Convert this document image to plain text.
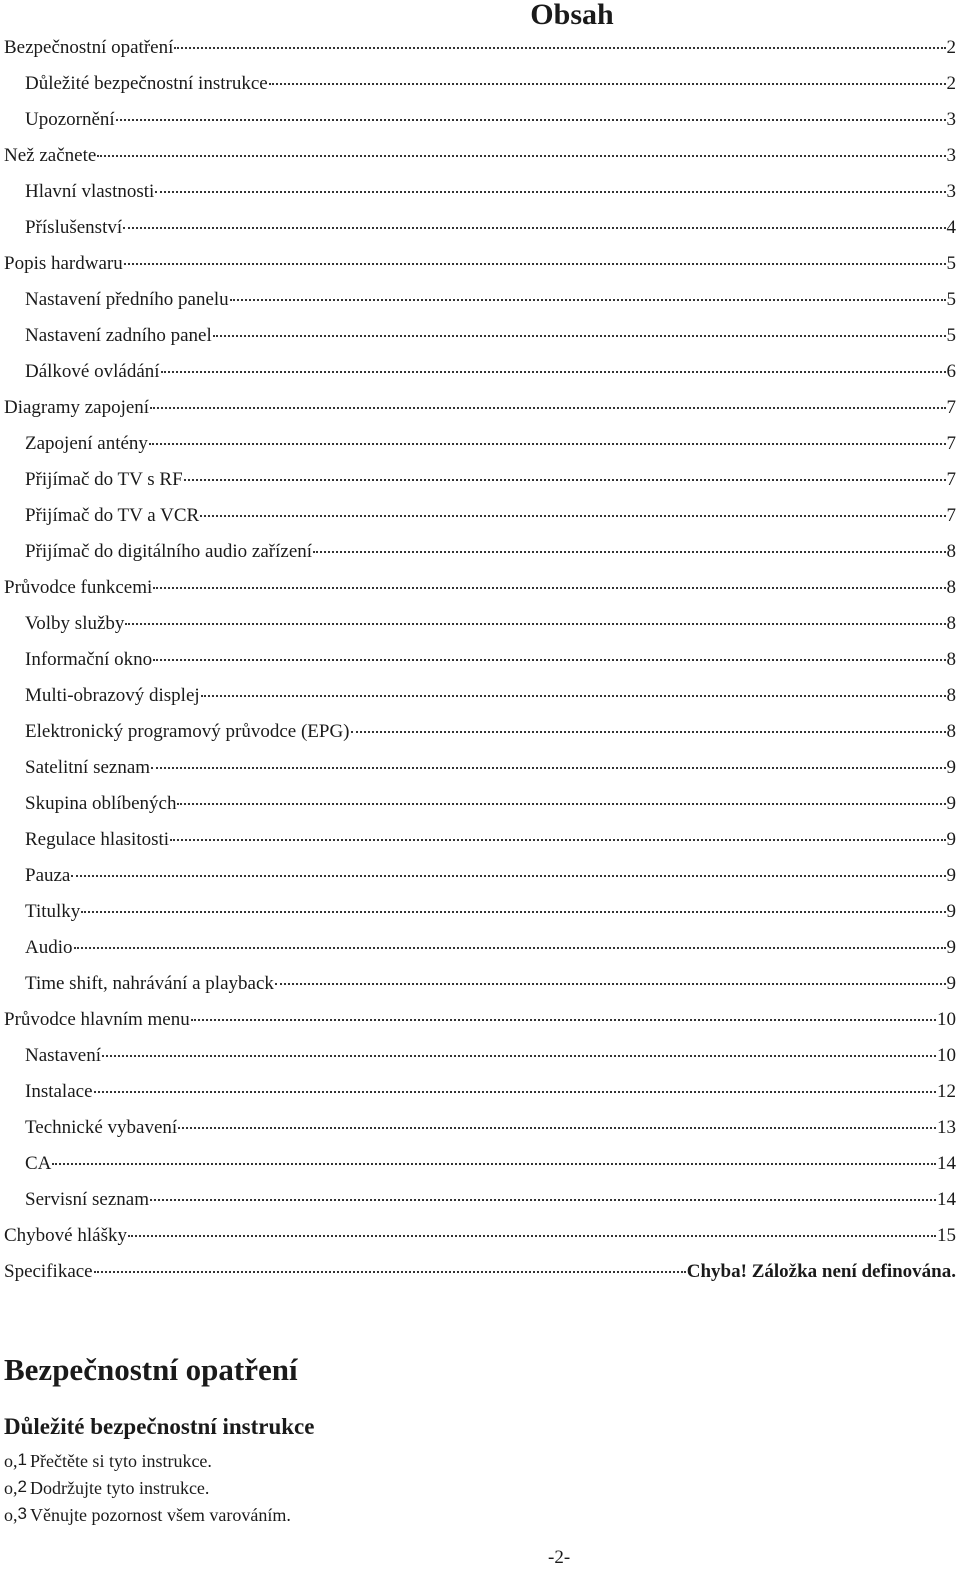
Obsah
Bezpečnostní opatření	2
Důležité bezpečnostní instrukce	2
Upozornění	3
Než začnete	3
Hlavní vlastnosti	3
Příslušenství	4
Popis hardwaru	5
Nastavení předního panelu	5
Nastavení zadního panel	5
Dálkové ovládání	6
Diagramy zapojení	7
Zapojení antény	7
Přijímač do TV s RF	7
Přijímač do TV a VCR	7
Přijímač do digitálního audio zařízení	8
Průvodce funkcemi	8
Volby služby	8
Informační okno	8
Multi-obrazový displej	8
Elektronický programový průvodce (EPG)	8
Satelitní seznam	9
Skupina oblíbených	9
Regulace hlasitosti	9
Pauza	9
Titulky	9
Audio	9
Time shift, nahrávání a playback	9
Průvodce hlavním menu	10
Nastavení	10
Instalace	12
Technické vybavení	13
CA	14
Servisní seznam	14
Chybové hlášky	15
Specifikace	Chyba! Záložka není definována.
Bezpečnostní opatření
Důležité bezpečnostní instrukce
o,1 Přečtěte si tyto instrukce.
o,2 Dodržujte tyto instrukce.
o,3 Věnujte pozornost všem varováním.
-2-
